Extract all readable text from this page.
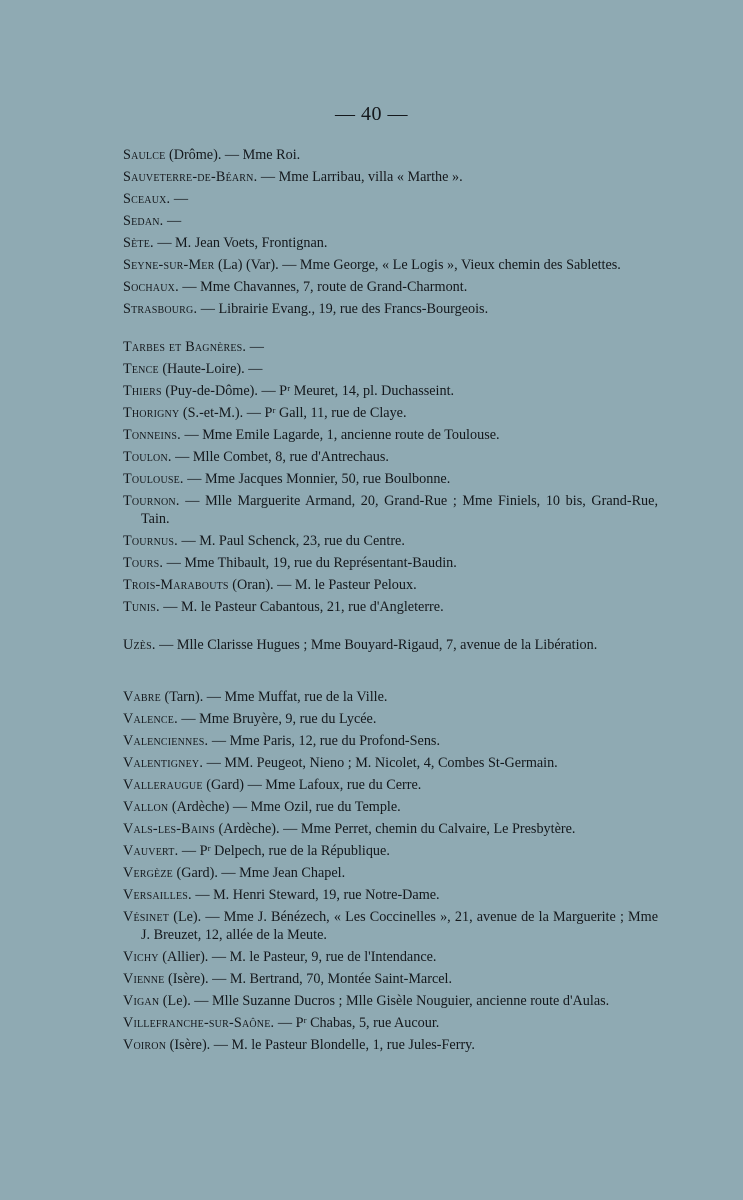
— 40 —
Saulce (Drôme). — Mme Roi.
Sauveterre-de-Béarn. — Mme Larribau, villa « Marthe ».
Sceaux. —
Sedan. —
Sète. — M. Jean Voets, Frontignan.
Seyne-sur-Mer (La) (Var). — Mme George, « Le Logis », Vieux chemin des Sablettes.
Sochaux. — Mme Chavannes, 7, route de Grand-Charmont.
Strasbourg. — Librairie Evang., 19, rue des Francs-Bourgeois.
Tarbes et Bagnères. —
Tence (Haute-Loire). —
Thiers (Puy-de-Dôme). — Pʳ Meuret, 14, pl. Duchasseint.
Thorigny (S.-et-M.). — Pʳ Gall, 11, rue de Claye.
Tonneins. — Mme Emile Lagarde, 1, ancienne route de Toulouse.
Toulon. — Mlle Combet, 8, rue d'Antrechaus.
Toulouse. — Mme Jacques Monnier, 50, rue Boulbonne.
Tournon. — Mlle Marguerite Armand, 20, Grand-Rue ; Mme Finiels, 10 bis, Grand-Rue, Tain.
Tournus. — M. Paul Schenck, 23, rue du Centre.
Tours. — Mme Thibault, 19, rue du Représentant-Baudin.
Trois-Marabouts (Oran). — M. le Pasteur Peloux.
Tunis. — M. le Pasteur Cabantous, 21, rue d'Angleterre.
Uzès. — Mlle Clarisse Hugues ; Mme Bouyard-Rigaud, 7, avenue de la Libération.
Vabre (Tarn). — Mme Muffat, rue de la Ville.
Valence. — Mme Bruyère, 9, rue du Lycée.
Valenciennes. — Mme Paris, 12, rue du Profond-Sens.
Valentigney. — MM. Peugeot, Nieno ; M. Nicolet, 4, Combes St-Germain.
Valleraugue (Gard) — Mme Lafoux, rue du Cerre.
Vallon (Ardèche) — Mme Ozil, rue du Temple.
Vals-les-Bains (Ardèche). — Mme Perret, chemin du Calvaire, Le Presbytère.
Vauvert. — Pʳ Delpech, rue de la République.
Vergèze (Gard). — Mme Jean Chapel.
Versailles. — M. Henri Steward, 19, rue Notre-Dame.
Vésinet (Le). — Mme J. Bénézech, « Les Coccinelles », 21, avenue de la Marguerite ; Mme J. Breuzet, 12, allée de la Meute.
Vichy (Allier). — M. le Pasteur, 9, rue de l'Intendance.
Vienne (Isère). — M. Bertrand, 70, Montée Saint-Marcel.
Vigan (Le). — Mlle Suzanne Ducros ; Mlle Gisèle Nouguier, ancienne route d'Aulas.
Villefranche-sur-Saône. — Pʳ Chabas, 5, rue Aucour.
Voiron (Isère). — M. le Pasteur Blondelle, 1, rue Jules-Ferry.
